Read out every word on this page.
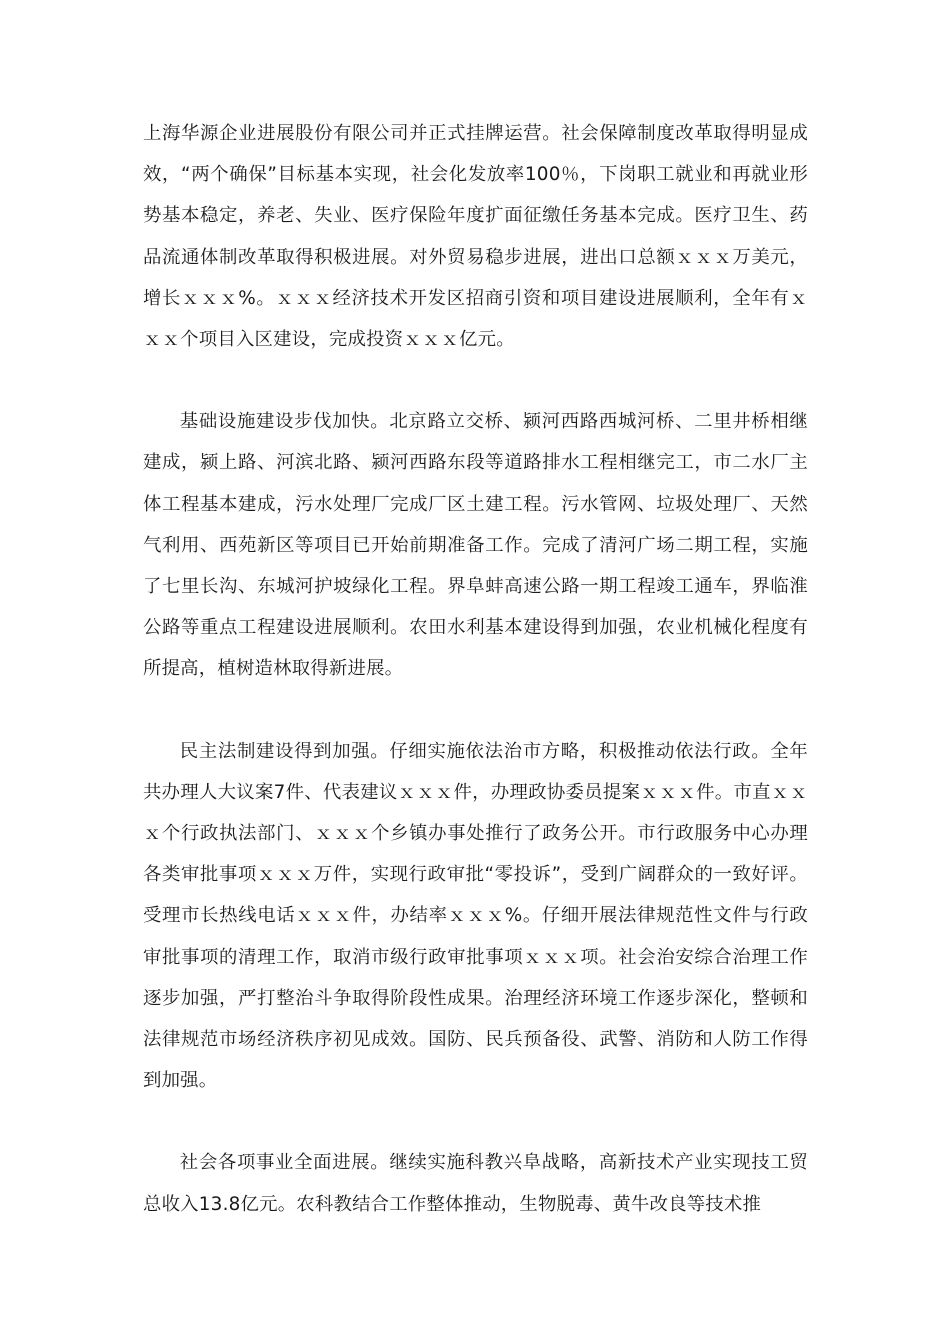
上海华源企业进展股份有限公司并正式挂牌运营。社会保障制度改革取得明显成效，“两个确保”目标基本实现，社会化发放率100％，下岗职工就业和再就业形势基本稳定，养老、失业、医疗保险年度扩面征缴任务基本完成。医疗卫生、药品流通体制改革取得积极进展。对外贸易稳步进展，进出口总额ｘｘｘ万美元，增长ｘｘｘ%。ｘｘｘ经济技术开发区招商引资和项目建设进展顺利，全年有ｘｘｘ个项目入区建设，完成投资ｘｘｘ亿元。

基础设施建设步伐加快。北京路立交桥、颍河西路西城河桥、二里井桥相继建成，颍上路、河滨北路、颍河西路东段等道路排水工程相继完工，市二水厂主体工程基本建成，污水处理厂完成厂区土建工程。污水管网、垃圾处理厂、天然气利用、西苑新区等项目已开始前期准备工作。完成了清河广场二期工程，实施了七里长沟、东城河护坡绿化工程。界阜蚌高速公路一期工程竣工通车，界临淮公路等重点工程建设进展顺利。农田水利基本建设得到加强，农业机械化程度有所提高，植树造林取得新进展。

民主法制建设得到加强。仔细实施依法治市方略，积极推动依法行政。全年共办理人大议案7件、代表建议ｘｘｘ件，办理政协委员提案ｘｘｘ件。市直ｘｘｘ个行政执法部门、ｘｘｘ个乡镇办事处推行了政务公开。市行政服务中心办理各类审批事项ｘｘｘ万件，实现行政审批“零投诉”，受到广阔群众的一致好评。受理市长热线电话ｘｘｘ件，办结率ｘｘｘ%。仔细开展法律规范性文件与行政审批事项的清理工作，取消市级行政审批事项ｘｘｘ项。社会治安综合治理工作逐步加强，严打整治斗争取得阶段性成果。治理经济环境工作逐步深化，整顿和法律规范市场经济秩序初见成效。国防、民兵预备役、武警、消防和人防工作得到加强。

社会各项事业全面进展。继续实施科教兴阜战略，高新技术产业实现技工贸总收入13.8亿元。农科教结合工作整体推动，生物脱毒、黄牛改良等技术推
